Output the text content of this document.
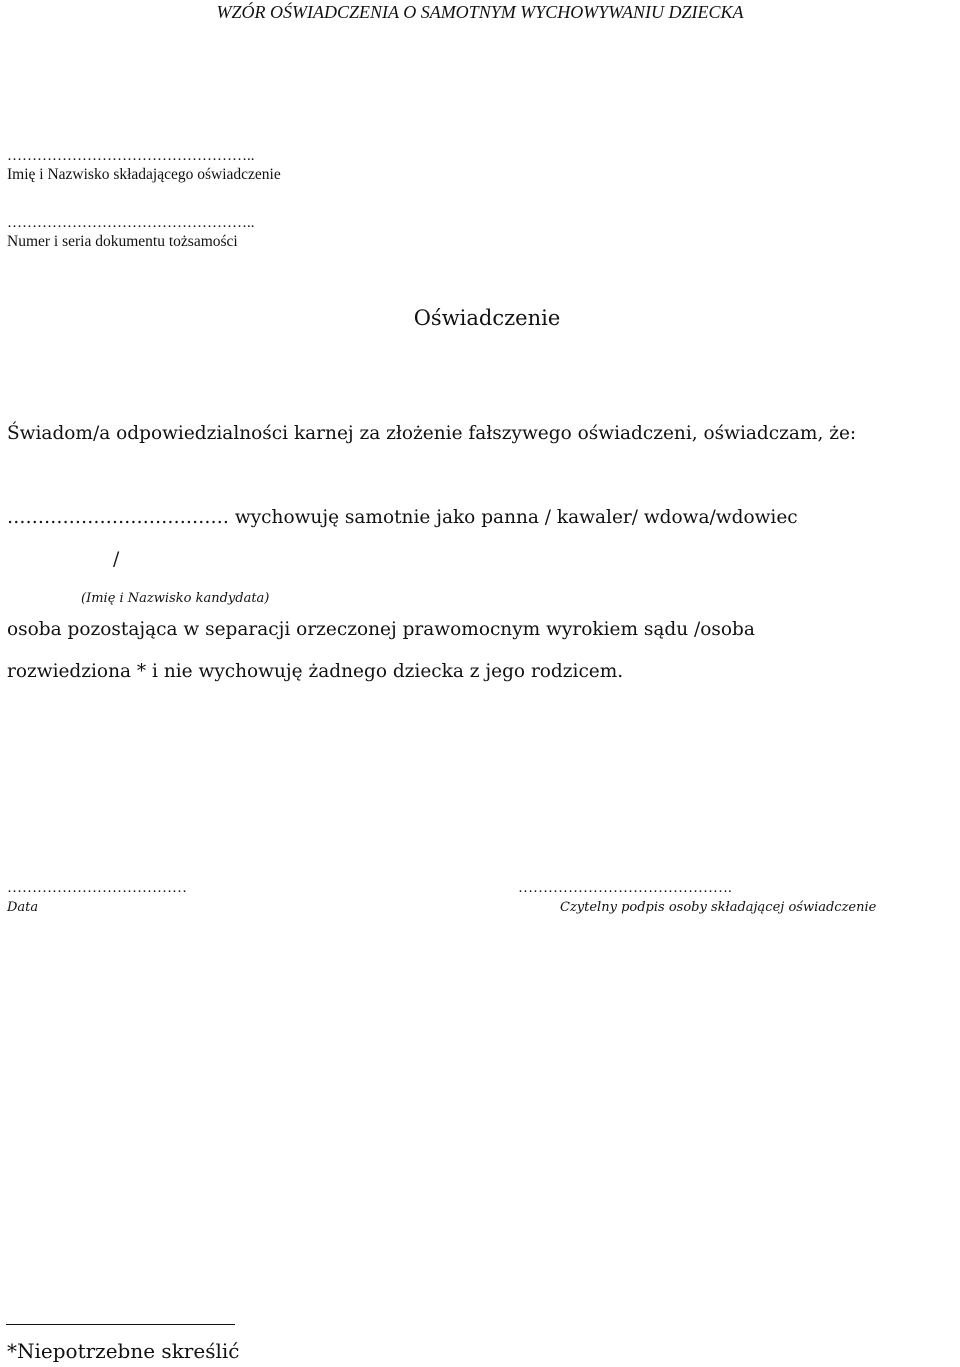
WZÓR OŚWIADCZENIA O SAMOTNYM WYCHOWYWANIU DZIECKA
…………………………………………..
Imię i Nazwisko składającego oświadczenie
…………………………………………..
Numer i seria dokumentu tożsamości
Oświadczenie
Świadom/a odpowiedzialności karnej za złożenie fałszywego oświadczeni, oświadczam, że:
……………………………… wychowuję samotnie jako panna / kawaler/ wdowa/wdowiec
/
(Imię i Nazwisko kandydata)
osoba pozostająca w separacji orzeczonej prawomocnym wyrokiem sądu /osoba
rozwiedziona * i nie wychowuję żadnego dziecka z jego rodzicem.
………………………………
Data
…………………………………….
Czytelny podpis osoby składającej oświadczenie
*Niepotrzebne skreślić
